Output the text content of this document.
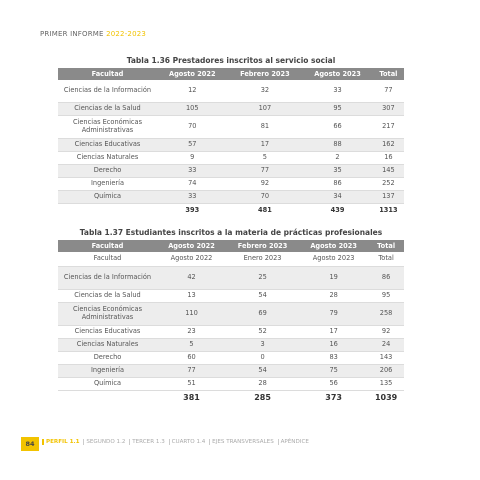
PRIMER INFORME 2022-2023
Tabla 1.36 Prestadores inscritos al servicio social
Facultad	Agosto 2022	Febrero 2023	Agosto 2023	Total
Ciencias de la Información	12	32	33	77
Ciencias de la Salud	105	107	95	307
Ciencias Económicas Administrativas	70	81	66	217
Ciencias Educativas	57	17	88	162
Ciencias Naturales	9	5	2	16
Derecho	33	77	35	145
Ingeniería	74	92	86	252
Química	33	70	34	137
	393	481	439	1313
Tabla 1.37 Estudiantes inscritos a la materia de prácticas profesionales
Facultad	Agosto 2022	Febrero 2023	Agosto 2023	Total
Facultad	Agosto 2022	Enero 2023	Agosto 2023	Total
Ciencias de la Información	42	25	19	86
Ciencias de la Salud	13	54	28	95
Ciencias Económicas Administrativas	110	69	79	258
Ciencias Educativas	23	52	17	92
Ciencias Naturales	5	3	16	24
Derecho	60	0	83	143
Ingeniería	77	54	75	206
Química	51	28	56	135
	381	285	373	1039
84	PERFIL 1.1 SEGUNDO 1.2 TERCER 1.3 CUARTO 1.4 EJES TRANSVERSALES APÉNDICE
